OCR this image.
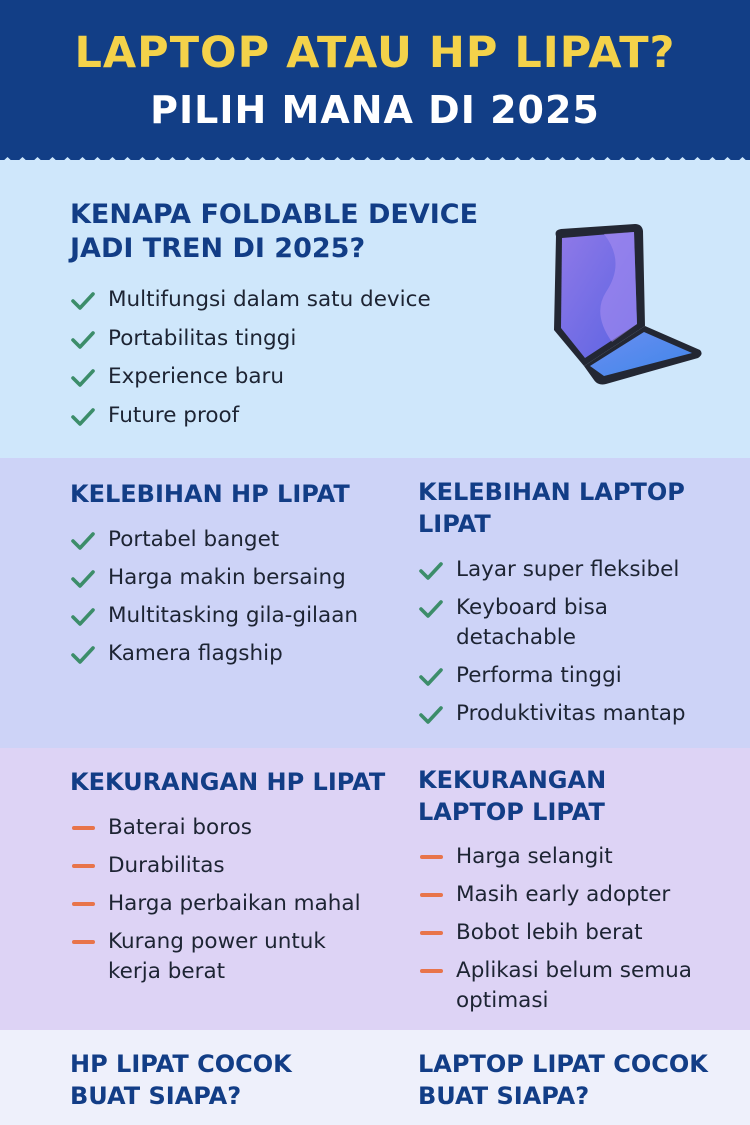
LAPTOP ATAU HP LIPAT?
PILIH MANA DI 2025
KENAPA FOLDABLE DEVICE
JADI TREN DI 2025?
Multifungsi dalam satu device
Portabilitas tinggi
Experience baru
Future proof
KELEBIHAN HP LIPAT
Portabel banget
Harga makin bersaing
Multitasking gila-gilaan
Kamera flagship
KELEBIHAN LAPTOP
LIPAT
Layar super fleksibel
Keyboard bisa
detachable
Performa tinggi
Produktivitas mantap
KEKURANGAN HP LIPAT
Baterai boros
Durabilitas
Harga perbaikan mahal
Kurang power untuk
kerja berat
KEKURANGAN
LAPTOP LIPAT
Harga selangit
Masih early adopter
Bobot lebih berat
Aplikasi belum semua
optimasi
HP LIPAT COCOK
BUAT SIAPA?
LAPTOP LIPAT COCOK
BUAT SIAPA?
